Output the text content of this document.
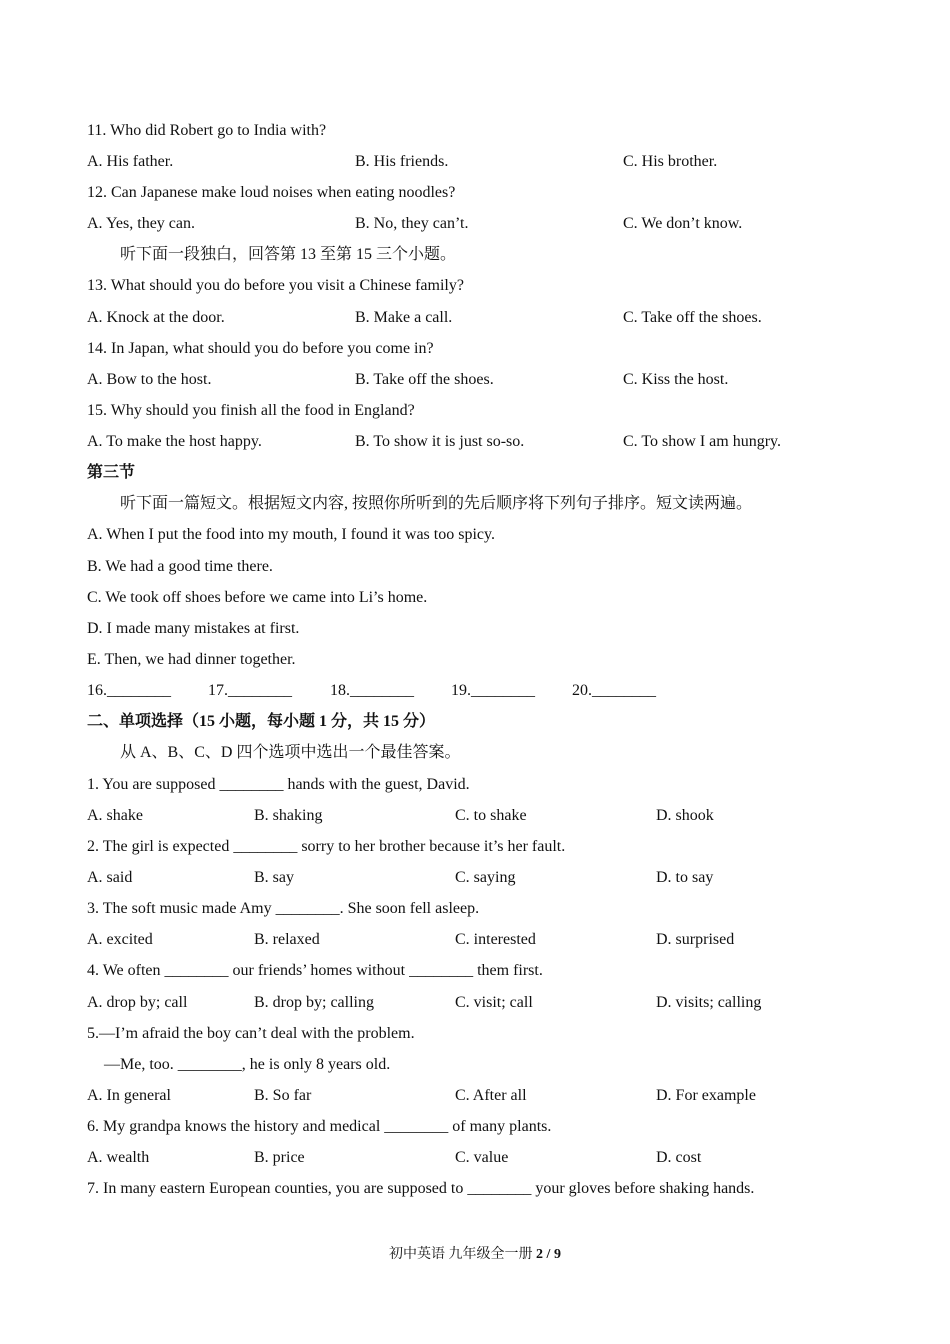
11. Who did Robert go to India with?
A. His father.	B. His friends.	C. His brother.
12. Can Japanese make loud noises when eating noodles?
A. Yes, they can.	B. No, they can’t.	C. We don’t know.
听下面一段独白，回答第 13 至第 15 三个小题。
13. What should you do before you visit a Chinese family?
A. Knock at the door.	B. Make a call.	C. Take off the shoes.
14. In Japan, what should you do before you come in?
A. Bow to the host.	B. Take off the shoes.	C. Kiss the host.
15. Why should you finish all the food in England?
A. To make the host happy.	B. To show it is just so-so.	C. To show I am hungry.
第三节
听下面一篇短文。根据短文内容, 按照你所听到的先后顺序将下列句子排序。短文读两遍。
A. When I put the food into my mouth, I found it was too spicy.
B. We had a good time there.
C. We took off shoes before we came into Li’s home.
D. I made many mistakes at first.
E. Then, we had dinner together.
16.________ 17.________ 18.________ 19.________ 20.________
二、单项选择（15 小题，每小题 1 分，共 15 分）
从 A、B、C、D 四个选项中选出一个最佳答案。
1. You are supposed ________ hands with the guest, David.
A. shake	B. shaking	C. to shake	D. shook
2. The girl is expected ________ sorry to her brother because it’s her fault.
A. said	B. say	C. saying	D. to say
3. The soft music made Amy ________. She soon fell asleep.
A. excited	B. relaxed	C. interested	D. surprised
4. We often ________ our friends’ homes without ________ them first.
A. drop by; call	B. drop by; calling	C. visit; call	D. visits; calling
5.—I’m afraid the boy can’t deal with the problem.
—Me, too. ________, he is only 8 years old.
A. In general	B. So far	C. After all	D. For example
6. My grandpa knows the history and medical ________ of many plants.
A. wealth	B. price	C. value	D. cost
7. In many eastern European counties, you are supposed to ________ your gloves before shaking hands.
初中英语 九年级全一册 2 / 9
